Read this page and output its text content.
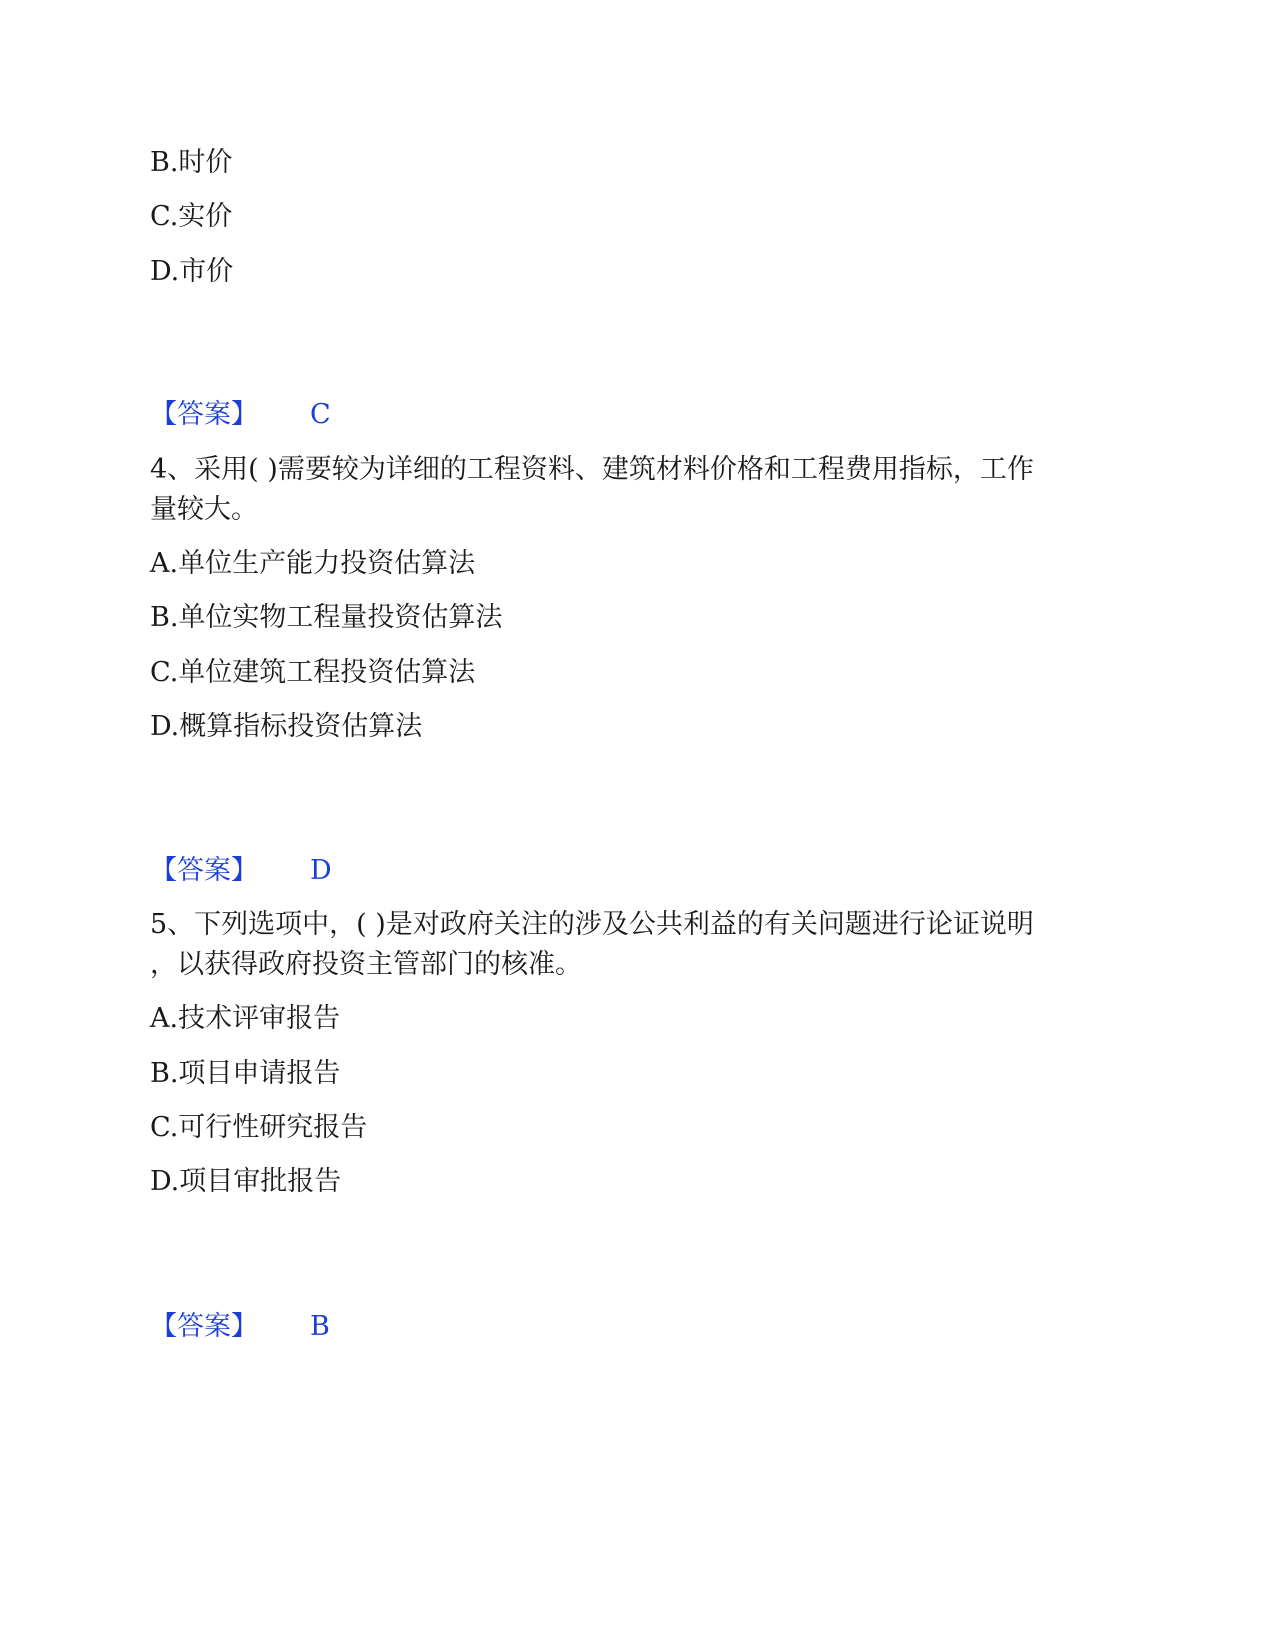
B.时价
C.实价
D.市价
【答案】 C
4、采用( )需要较为详细的工程资料、建筑材料价格和工程费用指标，工作
量较大。
A.单位生产能力投资估算法
B.单位实物工程量投资估算法
C.单位建筑工程投资估算法
D.概算指标投资估算法
【答案】 D
5、下列选项中，( )是对政府关注的涉及公共利益的有关问题进行论证说明
，以获得政府投资主管部门的核准。
A.技术评审报告
B.项目申请报告
C.可行性研究报告
D.项目审批报告
【答案】 B
